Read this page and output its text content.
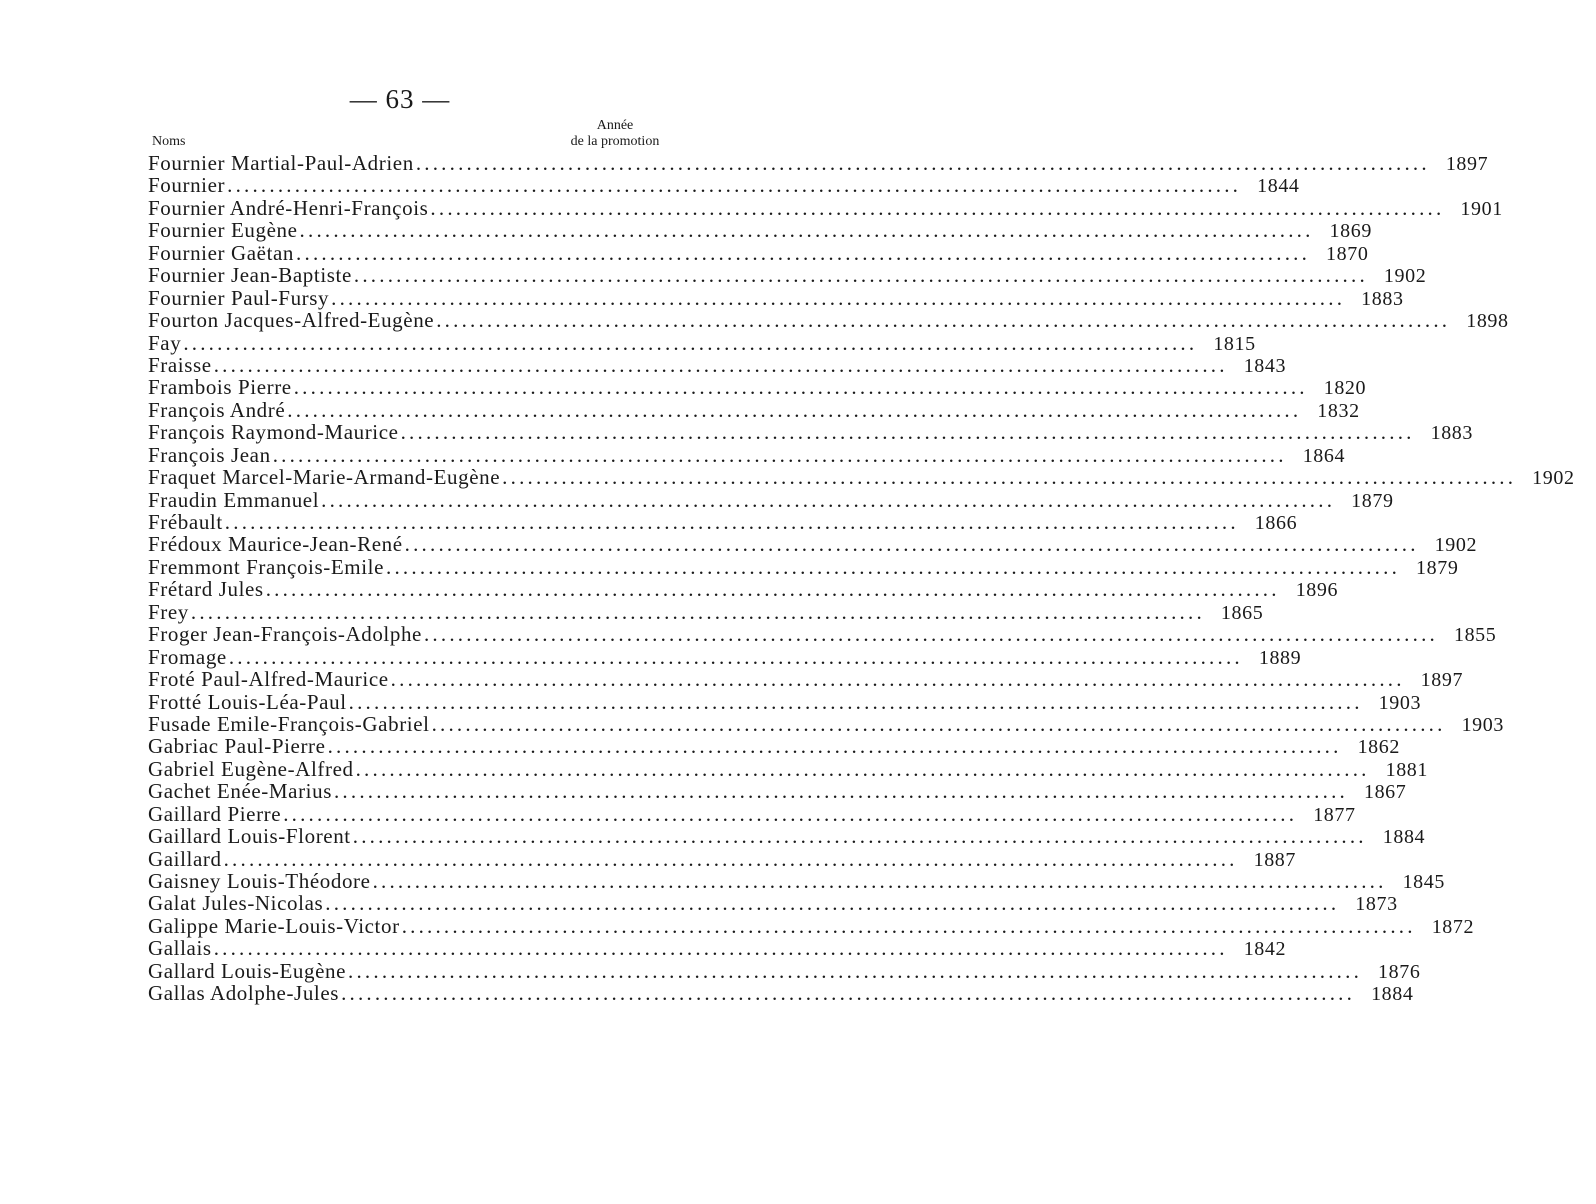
— 63 —
Noms
Année
de la promotion
Fournier Martial-Paul-Adrien ........................................................................................................................ 1897
Fournier ........................................................................................................................ 1844
Fournier André-Henri-François ........................................................................................................................ 1901
Fournier Eugène ........................................................................................................................ 1869
Fournier Gaëtan ........................................................................................................................ 1870
Fournier Jean-Baptiste ........................................................................................................................ 1902
Fournier Paul-Fursy ........................................................................................................................ 1883
Fourton Jacques-Alfred-Eugène ........................................................................................................................ 1898
Fay ........................................................................................................................ 1815
Fraisse ........................................................................................................................ 1843
Frambois Pierre ........................................................................................................................ 1820
François André ........................................................................................................................ 1832
François Raymond-Maurice ........................................................................................................................ 1883
François Jean ........................................................................................................................ 1864
Fraquet Marcel-Marie-Armand-Eugène ........................................................................................................................ 1902
Fraudin Emmanuel ........................................................................................................................ 1879
Frébault ........................................................................................................................ 1866
Frédoux Maurice-Jean-René ........................................................................................................................ 1902
Fremmont François-Emile ........................................................................................................................ 1879
Frétard Jules ........................................................................................................................ 1896
Frey ........................................................................................................................ 1865
Froger Jean-François-Adolphe ........................................................................................................................ 1855
Fromage ........................................................................................................................ 1889
Froté Paul-Alfred-Maurice ........................................................................................................................ 1897
Frotté Louis-Léa-Paul ........................................................................................................................ 1903
Fusade Emile-François-Gabriel ........................................................................................................................ 1903
Gabriac Paul-Pierre ........................................................................................................................ 1862
Gabriel Eugène-Alfred ........................................................................................................................ 1881
Gachet Enée-Marius ........................................................................................................................ 1867
Gaillard Pierre ........................................................................................................................ 1877
Gaillard Louis-Florent ........................................................................................................................ 1884
Gaillard ........................................................................................................................ 1887
Gaisney Louis-Théodore ........................................................................................................................ 1845
Galat Jules-Nicolas ........................................................................................................................ 1873
Galippe Marie-Louis-Victor ........................................................................................................................ 1872
Gallais ........................................................................................................................ 1842
Gallard Louis-Eugène ........................................................................................................................ 1876
Gallas Adolphe-Jules ........................................................................................................................ 1884
